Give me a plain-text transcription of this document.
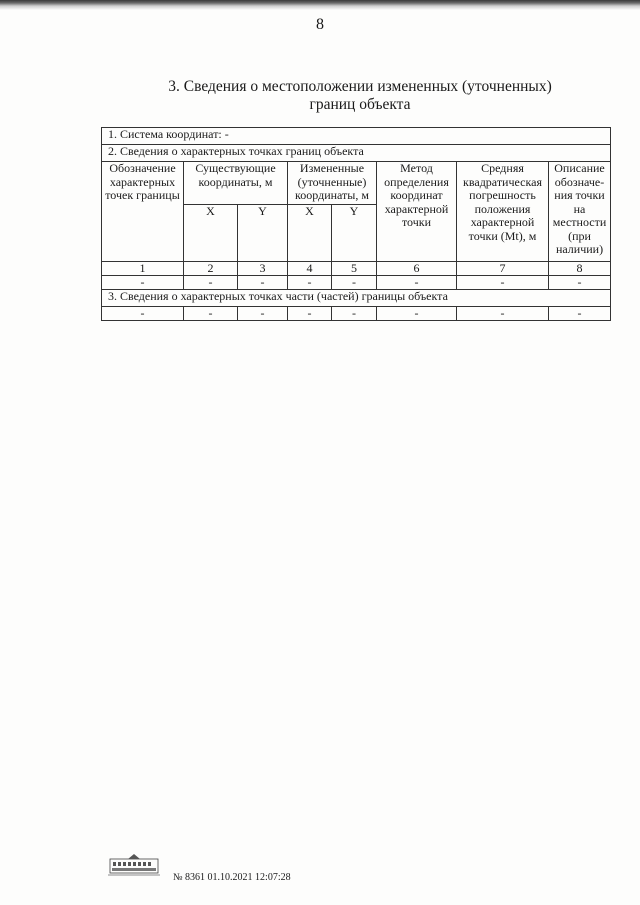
8
3. Сведения о местоположении измененных (уточненных)
границ объекта
1. Система координат: -							
2. Сведения о характерных точках границ объекта							
Обозначение характерных точек границы	Существующие координаты, м		Измененные (уточненные) координаты, м		Метод определения координат характерной точки	Средняя квадратическая погрешность положения характерной точки (Mt), м	Описание обозначе-ния точки на местности (при наличии)
	X	Y	X	Y			
1	2	3	4	5	6	7	8
-	-	-	-	-	-	-	-
3. Сведения о характерных точках части (частей) границы объекта							
-	-	-	-	-	-	-	-
№ 8361 01.10.2021 12:07:28
